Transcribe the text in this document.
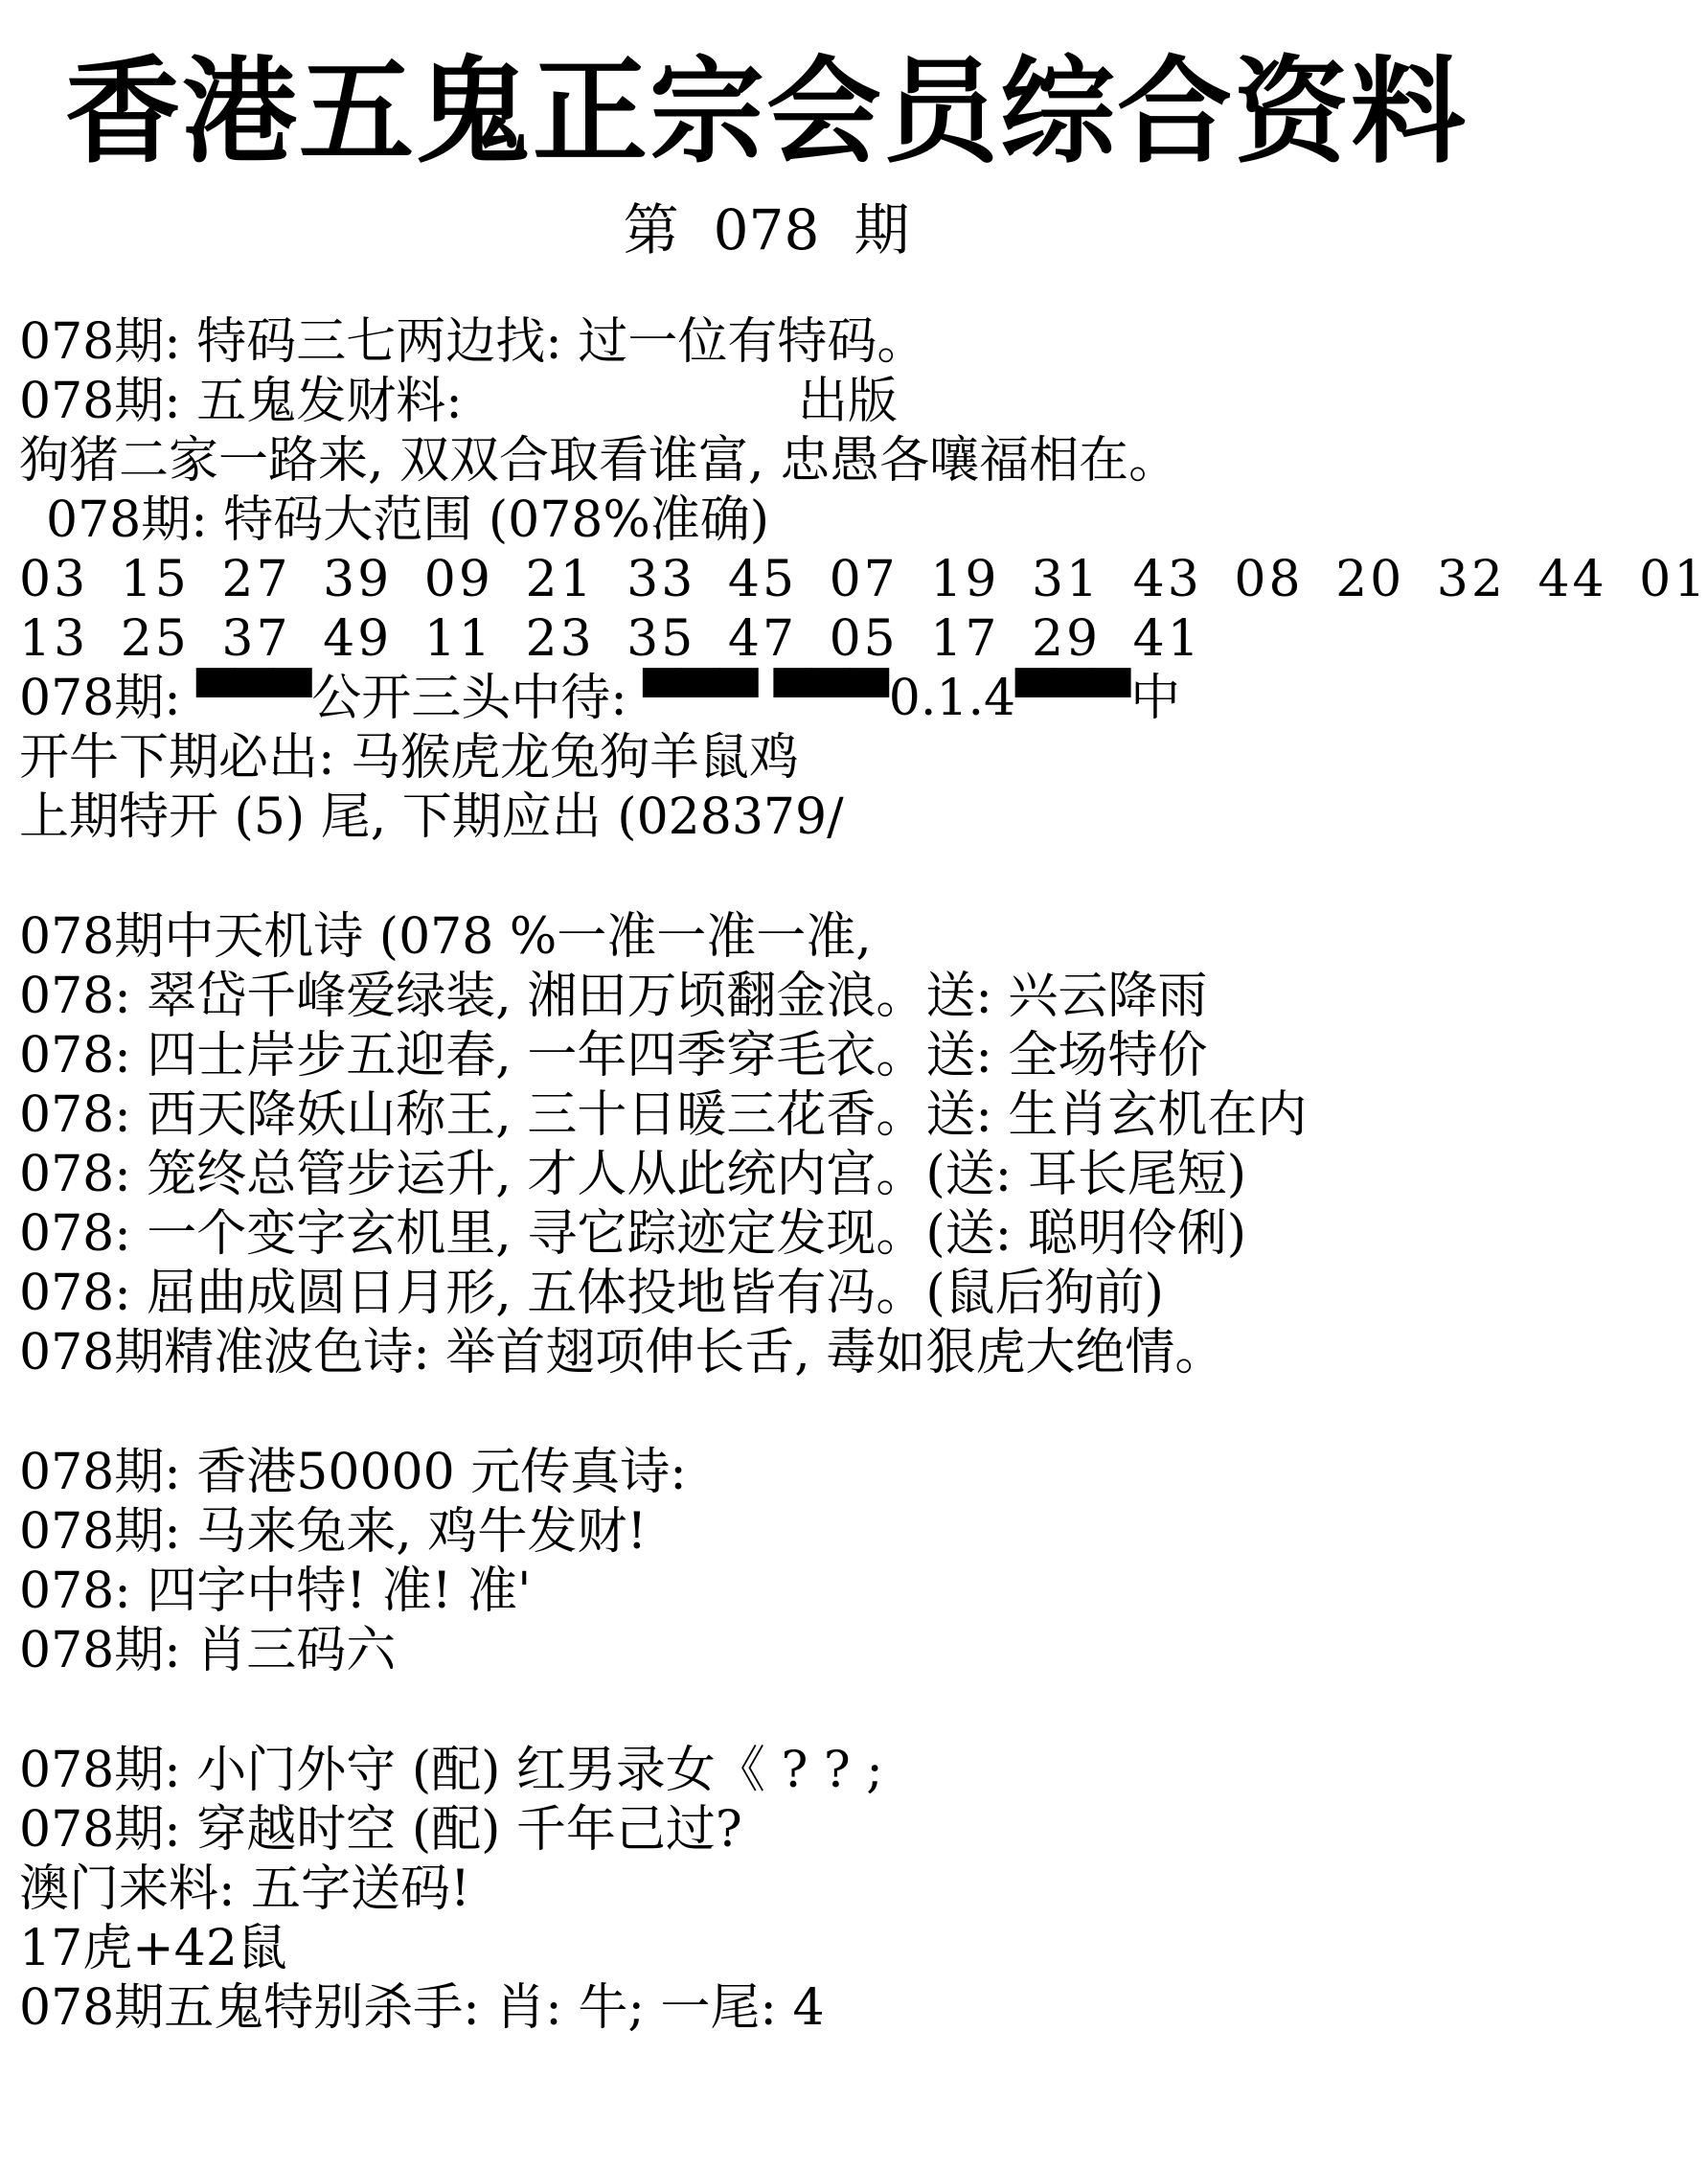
香港五鬼正宗会员综合资料
第 078 期
078期: 特码三七两边找: 过一位有特码。
078期: 五鬼发财料:	出版
狗猪二家一路来, 双双合取看谁富, 忠愚各嚷福相在。
078期: 特码大范围 (078%准确)
03 15 27 39 09 21 33 45 07 19 31 43 08 20 32 44 01
13 25 37 49 11 23 35 47 05 17 29 41
078期: ▀▀▀公开三头中待: ▀▀▀ ▀▀▀0.1.4▀▀▀中
开牛下期必出: 马猴虎龙兔狗羊鼠鸡
上期特开 (5) 尾, 下期应出 (028379/
078期中天机诗 (078 %一准一准一准,
078: 翠岱千峰爱绿装, 湘田万顷翻金浪。送: 兴云降雨
078: 四士岸步五迎春, 一年四季穿毛衣。送: 全场特价
078: 西天降妖山称王, 三十日暖三花香。送: 生肖玄机在内
078: 笼终总管步运升, 才人从此统内宫。(送: 耳长尾短)
078: 一个变字玄机里, 寻它踪迹定发现。(送: 聪明伶俐)
078: 屈曲成圆日月形, 五体投地皆有冯。(鼠后狗前)
078期精准波色诗: 举首翅项伸长舌, 毒如狠虎大绝情。
078期: 香港50000 元传真诗:
078期: 马来兔来, 鸡牛发财!
078: 四字中特! 准! 准'
078期: 肖三码六
078期: 小门外守 (配) 红男录女《 ? ? ;
078期: 穿越时空 (配) 千年己过?
澳门来料: 五字送码!
17虎+42鼠
078期五鬼特别杀手: 肖: 牛; 一尾: 4
